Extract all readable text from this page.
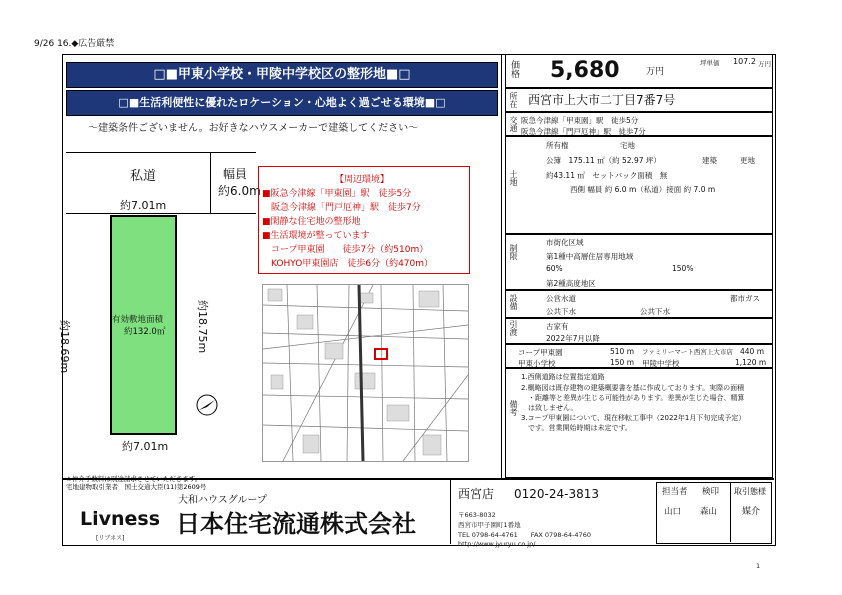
9/26 16.◆広告厳禁
□■甲東小学校・甲陵中学校区の整形地■□
□■生活利便性に優れたロケーション・心地よく過ごせる環境■□
～建築条件ございません。お好きなハウスメーカーで建築してください～
私道	幅員
約6.0m
約7.01m
有効敷地面積
約132.0㎡
約18.69m	約18.75m
約7.01m
【周辺環境】
■阪急今津線「甲東園」駅　徒歩5分
　阪急今津線「門戸厄神」駅　徒歩7分
■閑静な住宅地の整形地
■生活環境が整っています
　コープ甲東園　　徒歩7分（約510m）
　KOHYO甲東園店　徒歩6分（約470m）
★仲介手数料は別途請求させていただきます。
価格 5,680	万円
坪単価 107.2 万円
所在 西宮市上大市二丁目7番7号
交通 阪急今津線「甲東園」駅　徒歩5分
阪急今津線「門戸厄神」駅　徒歩7分
土地
所有権	宅地
公簿　175.11 ㎡（約 52.97 坪）	建築	更地
約43.11 ㎡　セットバック面積　無
西側 幅員 約 6.0 m（私道）接面 約 7.0 m
制限
市街化区域
第1種中高層住居専用地域
60%	150%
第2種高度地区
設備	公営水道	都市ガス
公共下水	公共下水
引渡	古家有
2022年7月以降
コープ甲東園	510 m ファミリーマート西宮上大市店 440 m
甲東小学校	150 m 甲陵中学校	1,120 m
備考
1.西側道路は位置指定道路
2.概略図は既存建物の建築概要書を基に作成しております。実際の面積
　・距離等と差異が生じる可能性があります。差異が生じた場合、精算
　は致しません。
3.コープ甲東園について、現在移転工事中（2022年1月下旬完成予定）
　です。営業開始時期は未定です。
宅地建物取引業者　国土交通大臣(11)第2609号
大和ハウスグループ
Livness
[リブネス]
日本住宅流通株式会社
西宮店 0120-24-3813
〒663-8032
西宮市甲子園町1番地
TEL 0798-64-4761　　FAX 0798-64-4760
http://www.jyuryu.co.jp/
担当者 検印
山口 森山
取引態様
媒介
1
